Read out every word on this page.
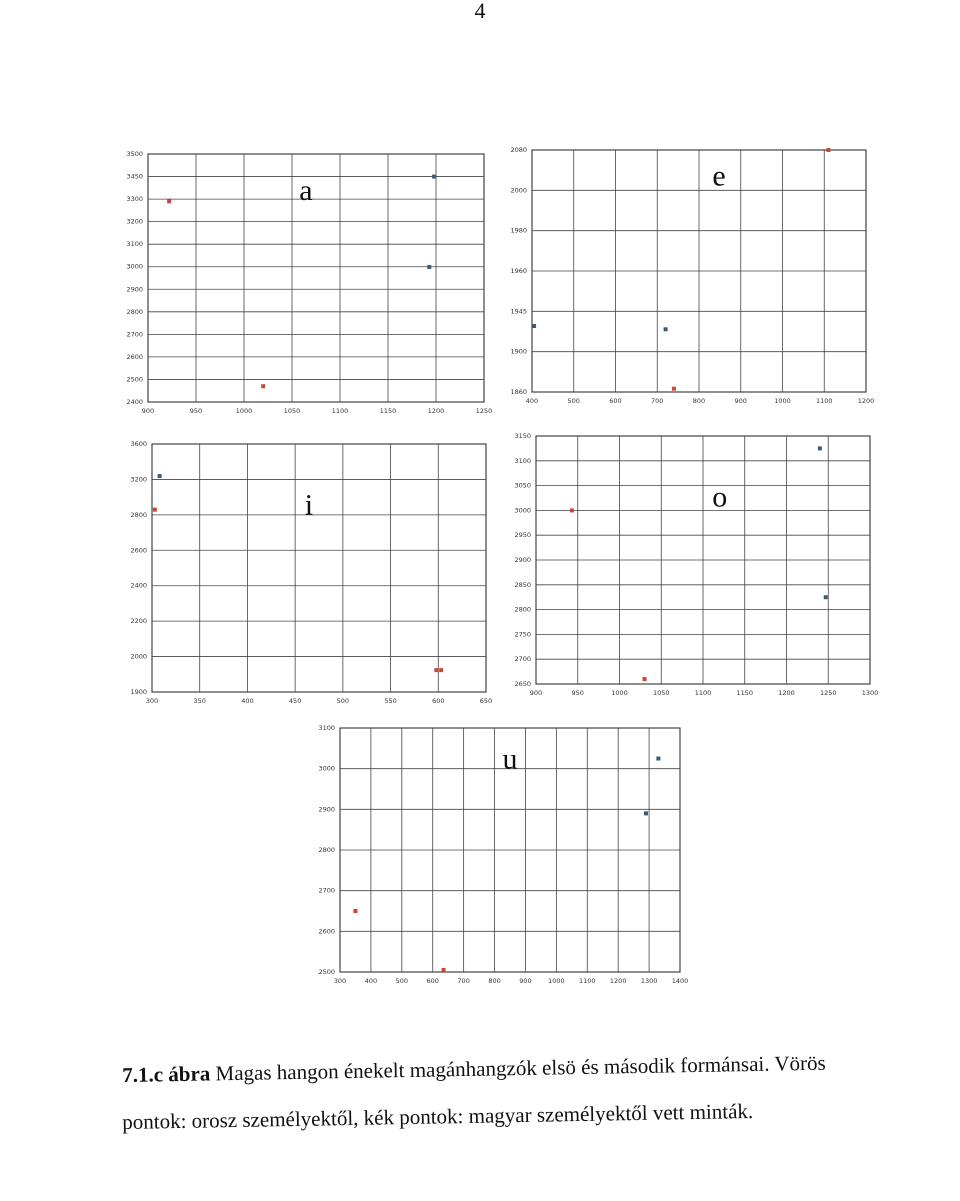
4
900	950	1000	1050	1100	1150	1200	1250
2400
2500
2600
2700
2800
2900
3000
3100
3200
3300
3450
3500
a
400	500	600	700	800	900	1000	1100	1200
1860
1900
1945
1960
1980
2000
2080
e
300	350	400	450	500	550	600	650
1900
2000
2200
2400
2600
2800
3200
3600
i
900	950	1000	1050	1100	1150	1200	1250	1300
2650
2700
2750
2800
2850
2900
2950
3000
3050
3100
3150
o
300	400	500	600	700	800	900	1000 1100 1200 1300 1400
2500
2600
2700
2800
2900
3000
3100
u
7.1.c ábra Magas hangon énekelt magánhangzók elsö és második formánsai. Vörös
pontok: orosz személyektől, kék pontok: magyar személyektől vett minták.
